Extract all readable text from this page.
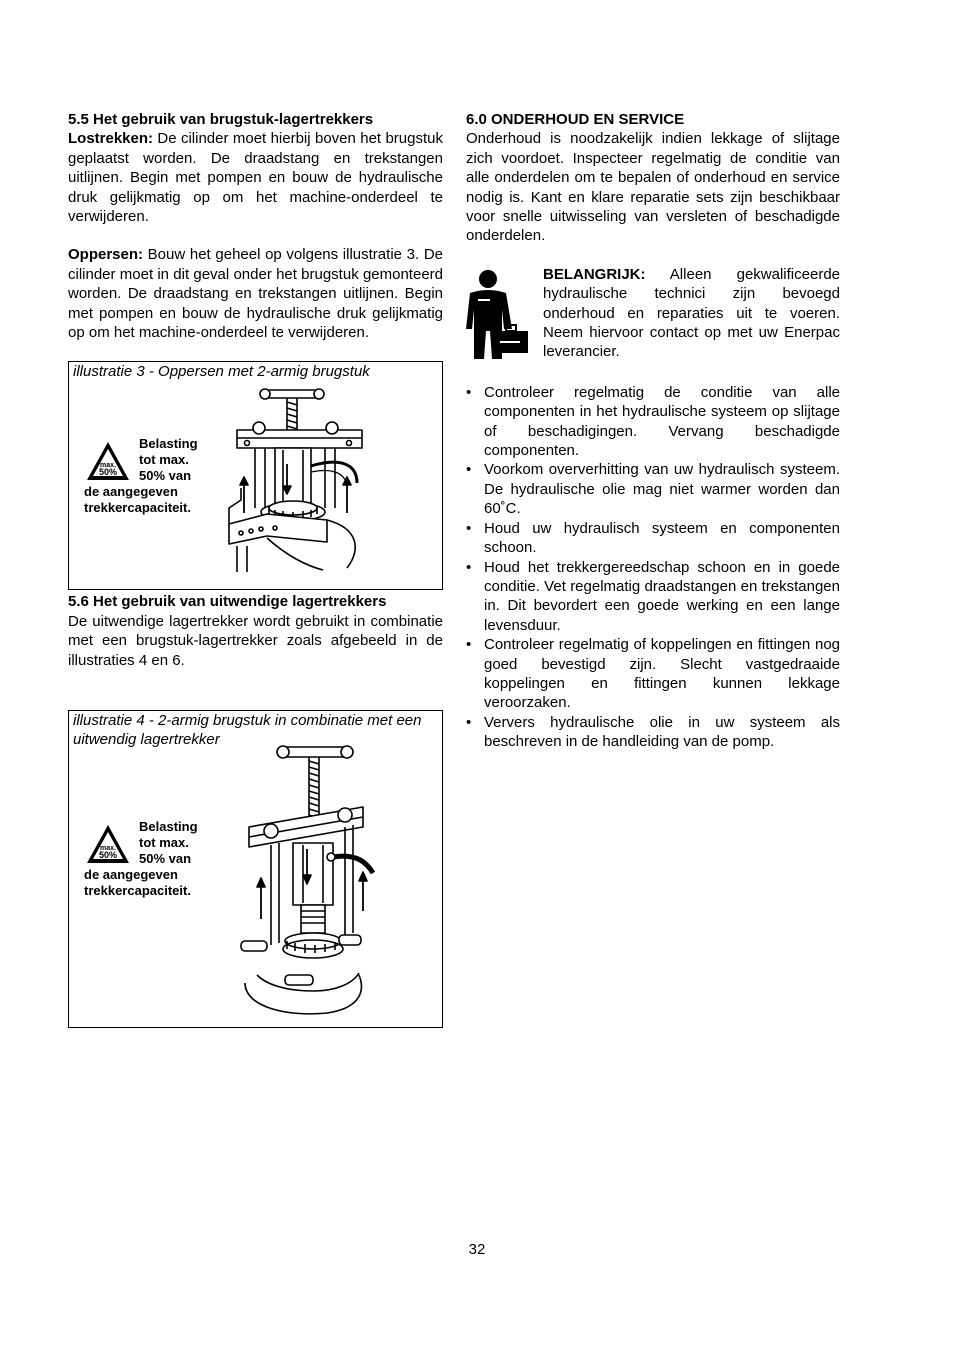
5.5 Het gebruik van brugstuk-lagertrekkers

Lostrekken: De cilinder moet hierbij boven het brugstuk geplaatst worden. De draadstang en trekstangen uitlijnen. Begin met pompen en bouw de hydraulische druk gelijkmatig op om het machine-onderdeel te verwijderen.

Oppersen: Bouw het geheel op volgens illustratie 3. De cilinder moet in dit geval onder het brugstuk gemonteerd worden. De draadstang en trekstangen uitlijnen. Begin met pompen en bouw de hydraulische druk gelijkmatig op om het machine-onderdeel te verwijderen.

illustratie 3 - Oppersen met 2-armig brugstuk
max.
50%
Belasting
tot max.
50% van
de aangegeven
trekkercapaciteit.
5.6 Het gebruik van uitwendige lagertrekkers

De uitwendige lagertrekker wordt gebruikt in combinatie met een brugstuk-lagertrekker zoals afgebeeld in de illustraties 4 en 6.

illustratie 4 - 2-armig brugstuk in combinatie met een uitwendig lagertrekker
max.
50%
Belasting
tot max.
50% van
de aangegeven
trekkercapaciteit.
6.0 ONDERHOUD EN SERVICE

Onderhoud is noodzakelijk indien lekkage of slijtage zich voordoet. Inspecteer regelmatig de conditie van alle onderdelen om te bepalen of onderhoud en service nodig is. Kant en klare reparatie sets zijn beschikbaar voor snelle uitwisseling van versleten of beschadigde onderdelen.

BELANGRIJK: Alleen gekwalificeerde hydraulische technici zijn bevoegd onderhoud en reparaties uit te voeren. Neem hiervoor contact op met uw Enerpac leverancier.

• Controleer regelmatig de conditie van alle componenten in het hydraulische systeem op slijtage of beschadigingen. Vervang beschadigde componenten.
• Voorkom oververhitting van uw hydraulisch systeem. De hydraulische olie mag niet warmer worden dan 60˚C.
• Houd uw hydraulisch systeem en componenten schoon.
• Houd het trekkergereedschap schoon en in goede conditie. Vet regelmatig draadstangen en trekstangen in. Dit bevordert een goede werking en een lange levensduur.
• Controleer regelmatig of koppelingen en fittingen nog goed bevestigd zijn. Slecht vastgedraaide koppelingen en fittingen kunnen lekkage veroorzaken.
• Ververs hydraulische olie in uw systeem als beschreven in de handleiding van de pomp.
32
